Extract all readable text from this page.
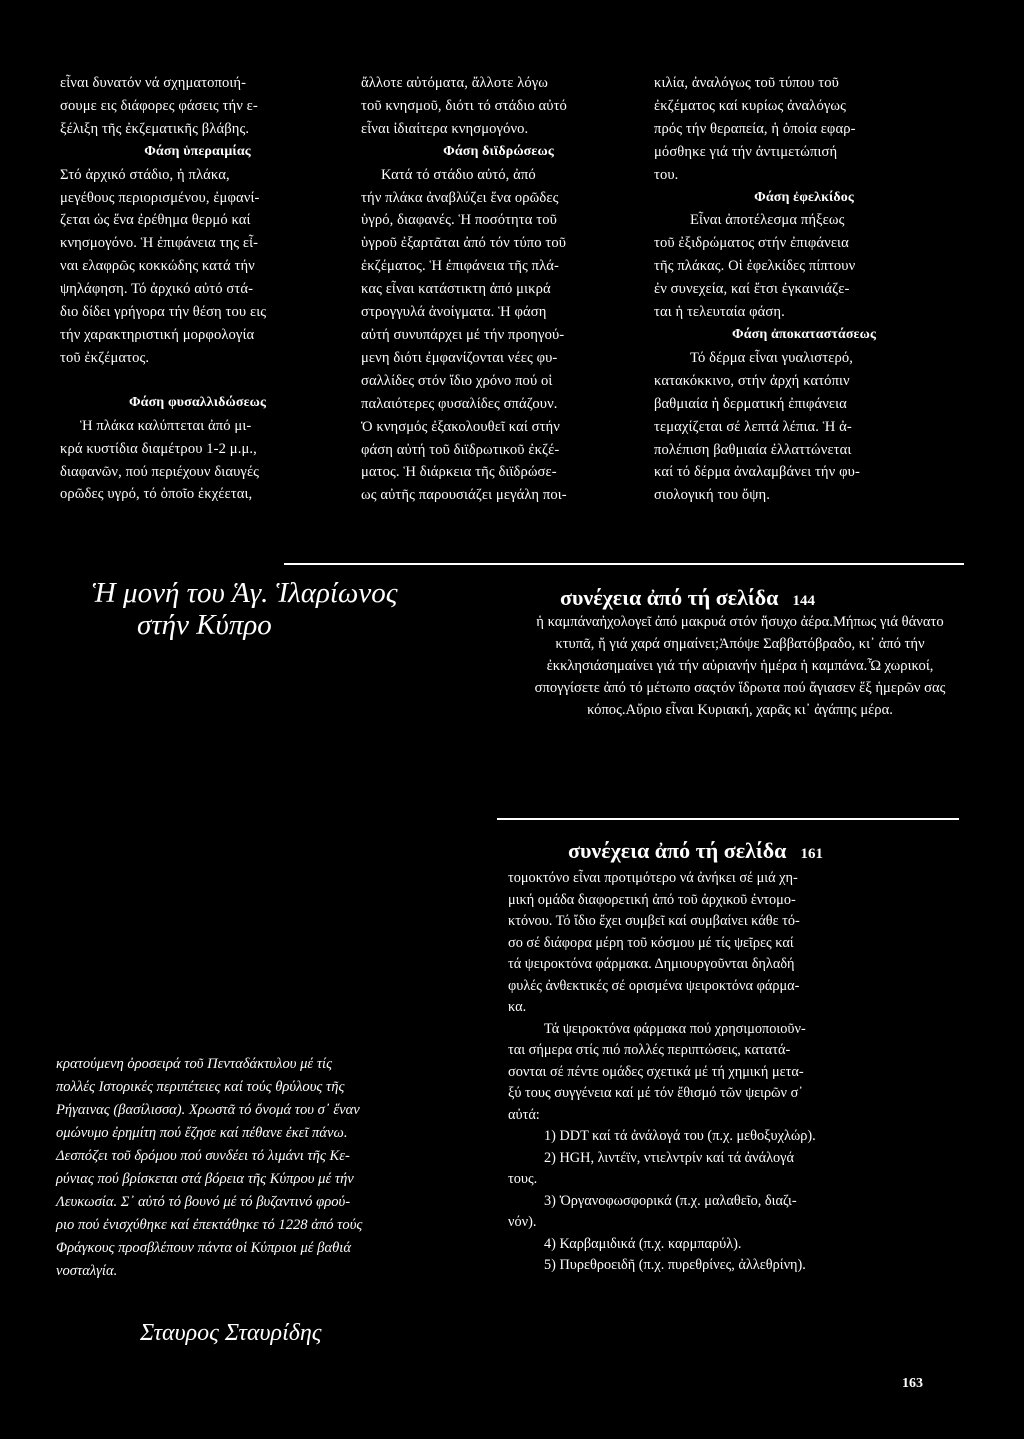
εἶναι δυνατόν νά σχηματοποιή-
σουμε εις διάφορες φάσεις τήν ε-
ξέλιξη τῆς ἐκζεματικῆς βλάβης.
Φάση ὑπεραιμίας
Στό ἀρχικό στάδιο, ἡ πλάκα,
μεγέθους περιορισμένου, ἐμφανί-
ζεται ὡς ἕνα ἐρέθημα θερμό καί
κνησμογόνο. Ἡ ἐπιφάνεια της εἶ-
ναι ελαφρῶς κοκκώδης κατά τήν
ψηλάφηση. Τό ἀρχικό αὐτό στά-
διο δίδει γρήγορα τήν θέση του εις
τήν χαρακτηριστική μορφολογία
τοῦ ἐκζέματος.
Φάση φυσαλλιδώσεως
Ἡ πλάκα καλύπτεται ἀπό μι-
κρά κυστίδια διαμέτρου 1-2 μ.μ.,
διαφανῶν, πού περιέχουν διαυγές
ορῶδες υγρό, τό ὁποῖο ἐκχέεται,
ἄλλοτε αὐτόματα, ἄλλοτε λόγω
τοῦ κνησμοῦ, διότι τό στάδιο αὐτό
εἶναι ἰδιαίτερα κνησμογόνο.
Φάση διϊδρώσεως
Κατά τό στάδιο αὐτό, ἀπό
τήν πλάκα ἀναβλύζει ἕνα ορῶδες
ὑγρό, διαφανές. Ἡ ποσότητα τοῦ
ὑγροῦ ἐξαρτᾶται ἀπό τόν τύπο τοῦ
ἐκζέματος. Ἡ ἐπιφάνεια τῆς πλά-
κας εἶναι κατάστικτη ἀπό μικρά
στρογγυλά ἀνοίγματα. Ἡ φάση
αὐτή συνυπάρχει μέ τήν προηγού-
μενη διότι ἐμφανίζονται νέες φυ-
σαλλίδες στόν ἴδιο χρόνο πού οἱ
παλαιότερες φυσαλίδες σπάζουν.
Ὁ κνησμός ἐξακολουθεῖ καί στήν
φάση αὐτή τοῦ διϊδρωτικοῦ ἐκζέ-
ματος. Ἡ διάρκεια τῆς διϊδρώσε-
ως αὐτῆς παρουσιάζει μεγάλη ποι-
κιλία, ἀναλόγως τοῦ τύπου τοῦ
ἐκζέματος καί κυρίως ἀναλόγως
πρός τήν θεραπεία, ἡ ὁποία εφαρ-
μόσθηκε γιά τήν ἀντιμετώπισή
του.
Φάση ἐφελκίδος
Εἶναι ἀποτέλεσμα πήξεως
τοῦ ἐξιδρώματος στήν ἐπιφάνεια
τῆς πλάκας. Οἱ ἐφελκίδες πίπτουν
ἐν συνεχεία, καί ἔτσι ἐγκαινιάζε-
ται ἡ τελευταία φάση.
Φάση ἀποκαταστάσεως
Τό δέρμα εἶναι γυαλιστερό,
κατακόκκινο, στήν ἀρχή κατόπιν
βαθμιαία ἡ δερματική ἐπιφάνεια
τεμαχίζεται σέ λεπτά λέπια. Ἡ ἀ-
πολέπιση βαθμιαία ἐλλαττώνεται
καί τό δέρμα ἀναλαμβάνει τήν φυ-
σιολογική του ὄψη.
Ἡ μονή του Ἁγ. Ἱλαρίωνος
στήν Κύπρο
συνέχεια ἀπό τή σελίδα 144
ἡ καμπάναἠχολογεῖ ἀπό μακρυά στόν ἥσυχο ἀέρα.Μήπως γιά θάνατο κτυπᾶ, ἤ γιά χαρά σημαίνει;Ἀπόψε Σαββατόβραδο, κι᾿ ἀπό τήν ἐκκλησιάσημαίνει γιά τήν αὐριανήν ἡμέρα ἡ καμπάνα.Ὦ χωρικοί, σπογγίσετε ἀπό τό μέτωπο σαςτόν ἵδρωτα πού ἄγιασεν ἕξ ἡμερῶν σας κόπος.Αὔριο εἶναι Κυριακή, χαρᾶς κι᾿ ἀγάπης μέρα.
συνέχεια ἀπό τή σελίδα 161
τομοκτόνο εἶναι προτιμότερο νά ἀνήκει σέ μιά χη-
μική ομάδα διαφορετική ἀπό τοῦ ἀρχικοῦ ἐντομο-
κτόνου. Τό ἴδιο ἔχει συμβεῖ καί συμβαίνει κάθε τό-
σο σέ διάφορα μέρη τοῦ κόσμου μέ τίς ψεῖρες καί
τά ψειροκτόνα φάρμακα. Δημιουργοῦνται δηλαδή
φυλές ἀνθεκτικές σέ ορισμένα ψειροκτόνα φάρμα-
κα.
Τά ψειροκτόνα φάρμακα πού χρησιμοποιοῦν-
ται σήμερα στίς πιό πολλές περιπτώσεις, κατατά-
σονται σέ πέντε ομάδες σχετικά μέ τή χημική μετα-
ξύ τους συγγένεια καί μέ τόν ἔθισμό τῶν ψειρῶν σ᾿
αὐτά:
1) DDT καί τά ἀνάλογά του (π.χ. μεθοξυχλώρ).
2) HGH, λιντέϊν, ντιελντρίν καί τά ἀνάλογά
τους.
3) Ὀργανοφωσφορικά (π.χ. μαλαθεῖο, διαζι-
νόν).
4) Καρβαμιδικά (π.χ. καρμπαρύλ).
5) Πυρεθροειδῆ (π.χ. πυρεθρίνες, ἀλλεθρίνη).
κρατούμενη ὀροσειρά τοῦ Πενταδάκτυλου μέ τίς
πολλές Ιστορικές περιπέτειες καί τούς θρύλους τῆς
Ρήγαινας (βασίλισσα). Χρωστᾶ τό ὄνομά του σ᾿ ἕναν
ομώνυμο ἐρημίτη πού ἔζησε καί πέθανε ἐκεῖ πάνω.
Δεσπόζει τοῦ δρόμου πού συνδέει τό λιμάνι τῆς Κε-
ρύνιας πού βρίσκεται στά βόρεια τῆς Κύπρου μέ τήν
Λευκωσία. Σ᾿ αὐτό τό βουνό μέ τό βυζαντινό φρού-
ριο πού ἐνισχύθηκε καί ἐπεκτάθηκε τό 1228 ἀπό τούς
Φράγκους προσβλέπουν πάντα οἱ Κύπριοι μέ βαθιά
νοσταλγία.
Σταυρος Σταυρίδης
163
